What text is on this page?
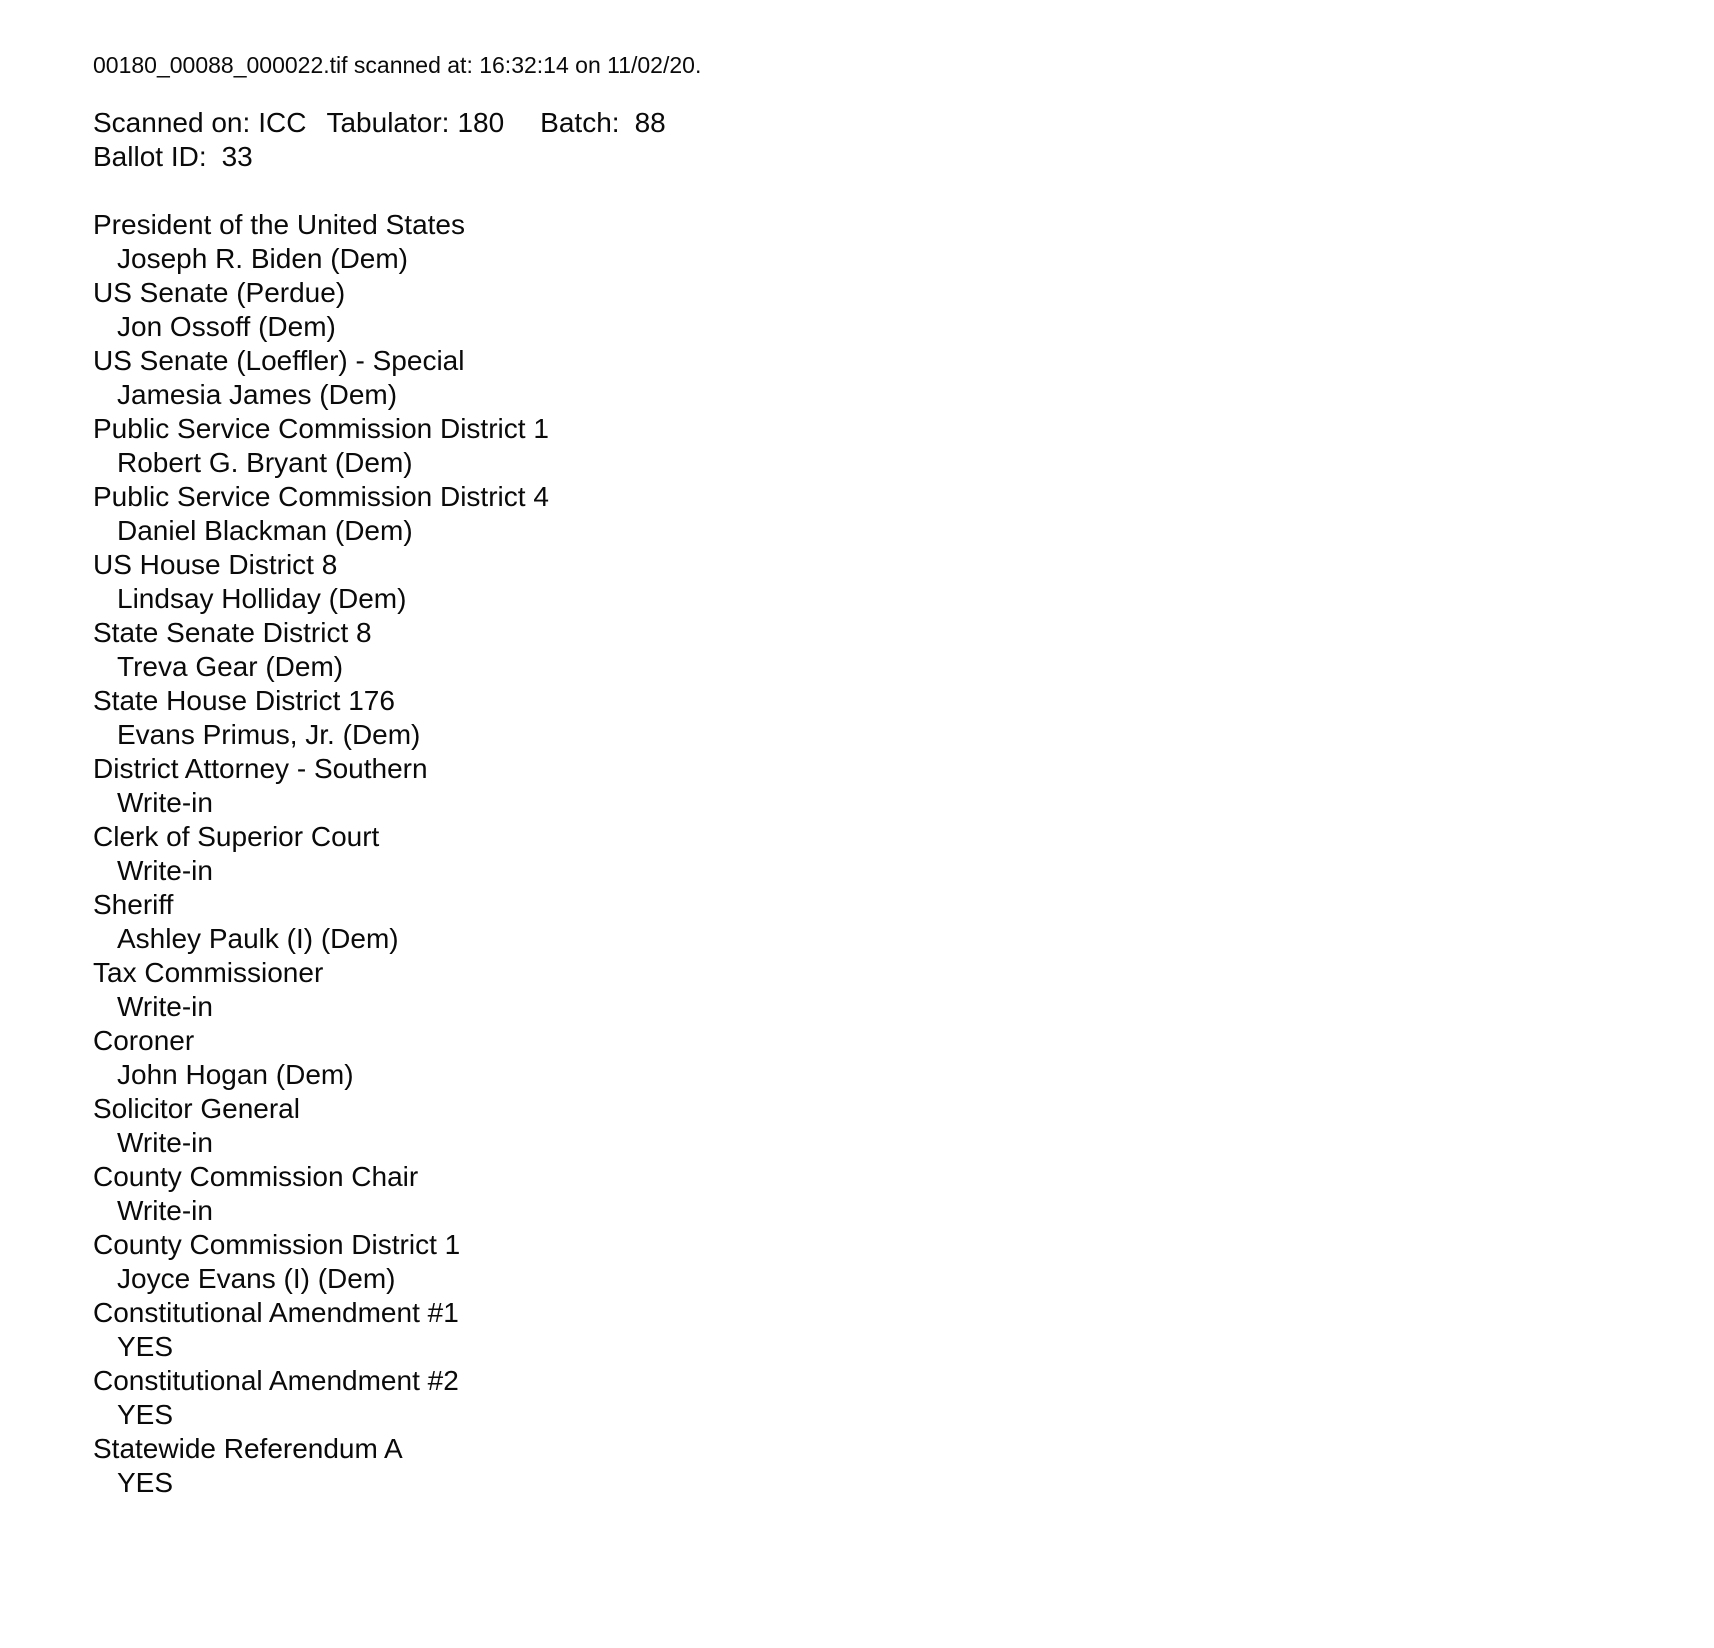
00180_00088_000022.tif scanned at: 16:32:14 on 11/02/20.
Scanned on: ICC Tabulator: 180 Batch: 88
Ballot ID: 33
President of the United States
Joseph R. Biden (Dem)
US Senate (Perdue)
Jon Ossoff (Dem)
US Senate (Loeffler) - Special
Jamesia James (Dem)
Public Service Commission District 1
Robert G. Bryant (Dem)
Public Service Commission District 4
Daniel Blackman (Dem)
US House District 8
Lindsay Holliday (Dem)
State Senate District 8
Treva Gear (Dem)
State House District 176
Evans Primus, Jr. (Dem)
District Attorney - Southern
Write-in
Clerk of Superior Court
Write-in
Sheriff
Ashley Paulk (I) (Dem)
Tax Commissioner
Write-in
Coroner
John Hogan (Dem)
Solicitor General
Write-in
County Commission Chair
Write-in
County Commission District 1
Joyce Evans (I) (Dem)
Constitutional Amendment #1
YES
Constitutional Amendment #2
YES
Statewide Referendum A
YES
